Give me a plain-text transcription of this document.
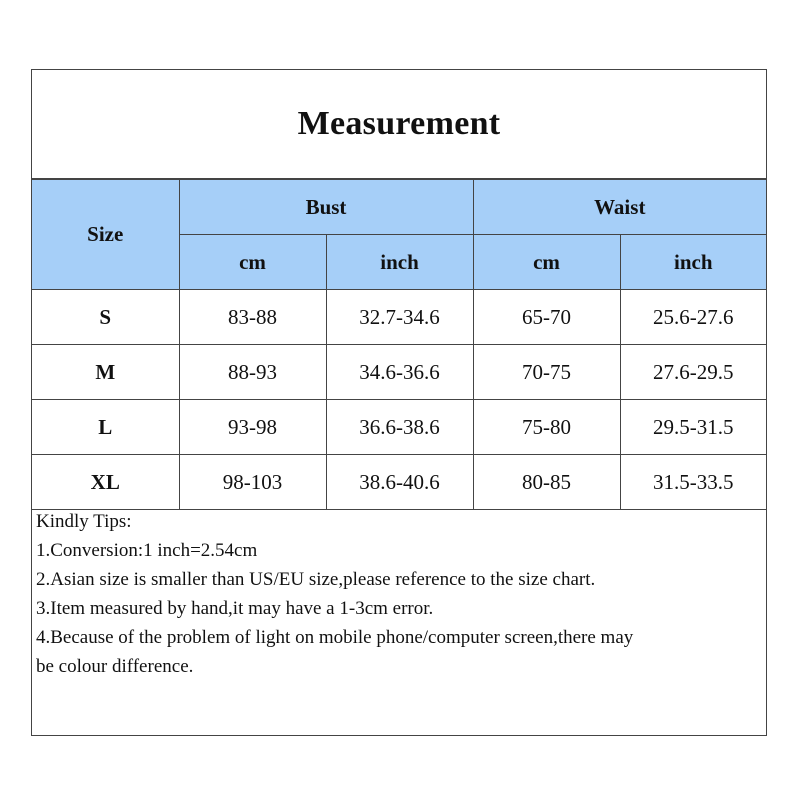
Measurement
Size	Bust		Waist	
	cm	inch	cm	inch
S	83-88	32.7-34.6	65-70	25.6-27.6
M	88-93	34.6-36.6	70-75	27.6-29.5
L	93-98	36.6-38.6	75-80	29.5-31.5
XL	98-103	38.6-40.6	80-85	31.5-33.5
Kindly Tips:
1.Conversion:1 inch=2.54cm
2.Asian size is smaller than US/EU size,please reference to the size chart.
3.Item measured by hand,it may have a 1-3cm error.
4.Because of the problem of light on mobile phone/computer screen,there may
be colour difference.
